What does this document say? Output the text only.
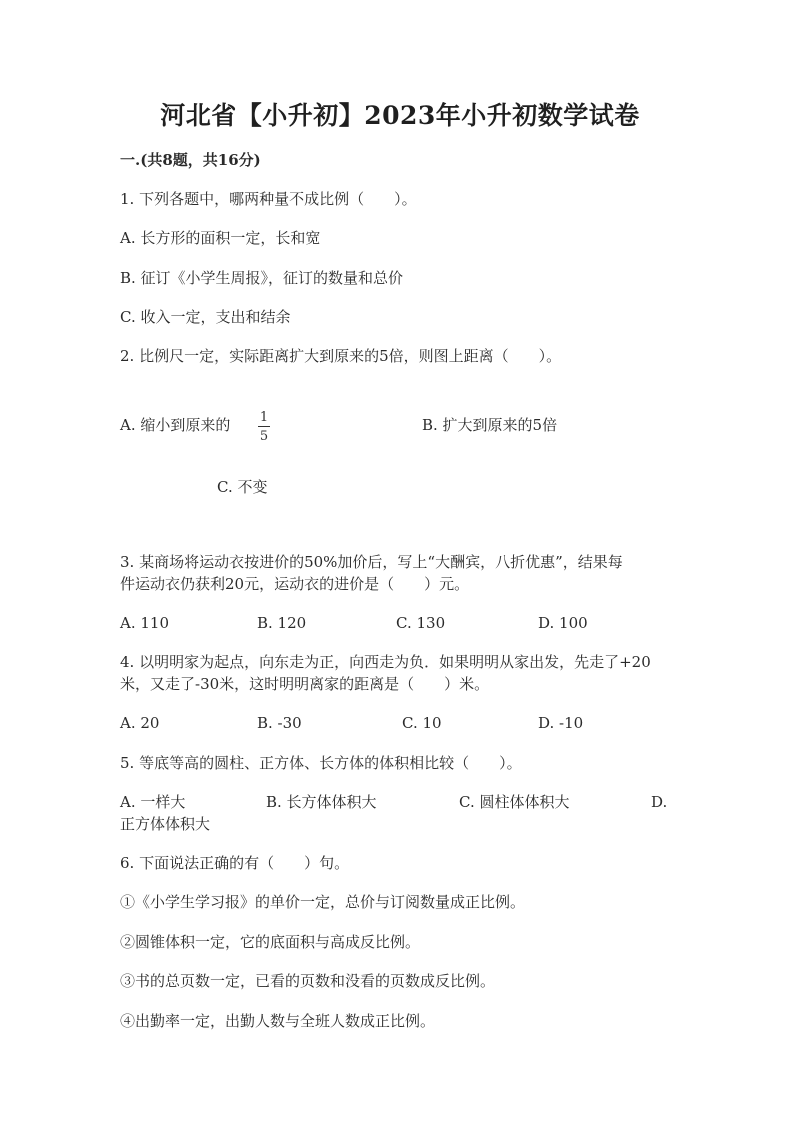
河北省【小升初】2023年小升初数学试卷
一.(共8题，共16分)
1. 下列各题中，哪两种量不成比例（　　）。
A. 长方形的面积一定，长和宽
B. 征订《小学生周报》，征订的数量和总价
C. 收入一定，支出和结余
2. 比例尺一定，实际距离扩大到原来的5倍，则图上距离（　　）。
A. 缩小到原来的 1
5
B. 扩大到原来的5倍
C. 不变
3. 某商场将运动衣按进价的50%加价后，写上“大酬宾，八折优惠”，结果每
件运动衣仍获利20元，运动衣的进价是（　　）元。
A. 110	B. 120	C. 130	D. 100
4. 以明明家为起点，向东走为正，向西走为负．如果明明从家出发，先走了+20
米，又走了-30米，这时明明离家的距离是（　　）米。
A. 20	B. -30	C. 10	D. -10
5. 等底等高的圆柱、正方体、长方体的体积相比较（　　）。
A. 一样大	B. 长方体体积大	C. 圆柱体体积大	D.
正方体体积大
6. 下面说法正确的有（　　）句。
①《小学生学习报》的单价一定，总价与订阅数量成正比例。
②圆锥体积一定，它的底面积与高成反比例。
③书的总页数一定，已看的页数和没看的页数成反比例。
④出勤率一定，出勤人数与全班人数成正比例。
